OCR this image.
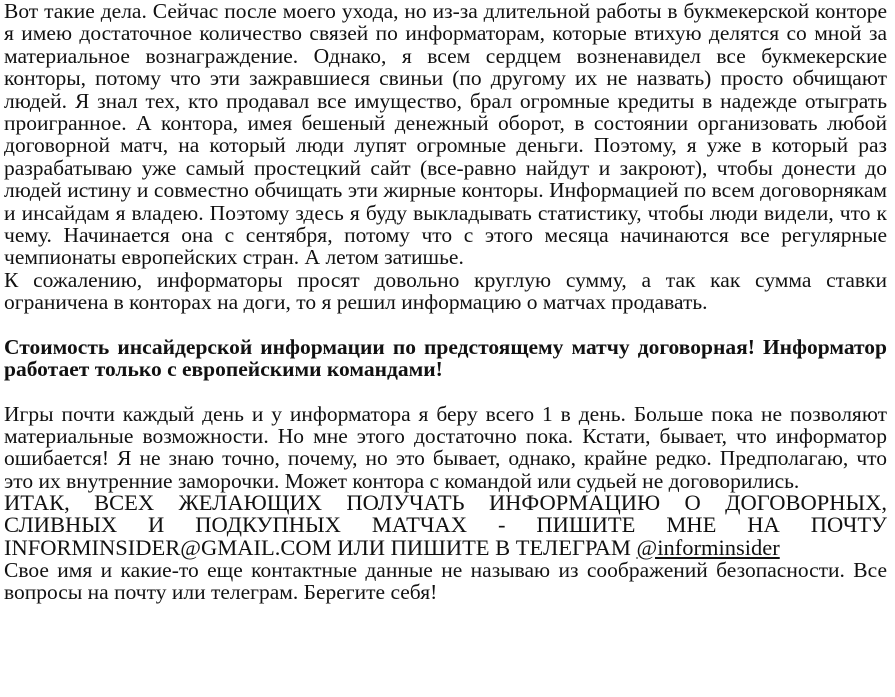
Вот такие дела. Сейчас после моего ухода, но из-за длительной работы в букмекерской конторе я имею достаточное количество связей по информаторам, которые втихую делятся со мной за материальное вознаграждение. Однако, я всем сердцем возненавидел все букмекерские конторы, потому что эти зажравшиеся свиньи (по другому их не назвать) просто обчищают людей. Я знал тех, кто продавал все имущество, брал огромные кредиты в надежде отыграть проигранное. А контора, имея бешеный денежный оборот, в состоянии организовать любой договорной матч, на который люди лупят огромные деньги. Поэтому, я уже в который раз разрабатываю уже самый простецкий сайт (все-равно найдут и закроют), чтобы донести до людей истину и совместно обчищать эти жирные конторы. Информацией по всем договорнякам и инсайдам я владею. Поэтому здесь я буду выкладывать статистику, чтобы люди видели, что к чему. Начинается она с сентября, потому что с этого месяца начинаются все регулярные чемпионаты европейских стран. А летом затишье.

К сожалению, информаторы просят довольно круглую сумму, а так как сумма ставки ограничена в конторах на доги, то я решил информацию о матчах продавать.

Стоимость инсайдерской информации по предстоящему матчу договорная! Информатор работает только с европейскими командами!

Игры почти каждый день и у информатора я беру всего 1 в день. Больше пока не позволяют материальные возможности. Но мне этого достаточно пока. Кстати, бывает, что информатор ошибается! Я не знаю точно, почему, но это бывает, однако, крайне редко. Предполагаю, что это их внутренние заморочки. Может контора с командой или судьей не договорились.

ИТАК, ВСЕХ ЖЕЛАЮЩИХ ПОЛУЧАТЬ ИНФОРМАЦИЮ О ДОГОВОРНЫХ, СЛИВНЫХ И ПОДКУПНЫХ МАТЧАХ - ПИШИТЕ МНЕ НА ПОЧТУ INFORMINSIDER@GMAIL.COM ИЛИ ПИШИТЕ В ТЕЛЕГРАМ @informinsider

Свое имя и какие-то еще контактные данные не называю из соображений безопасности. Все вопросы на почту или телеграм. Берегите себя!
